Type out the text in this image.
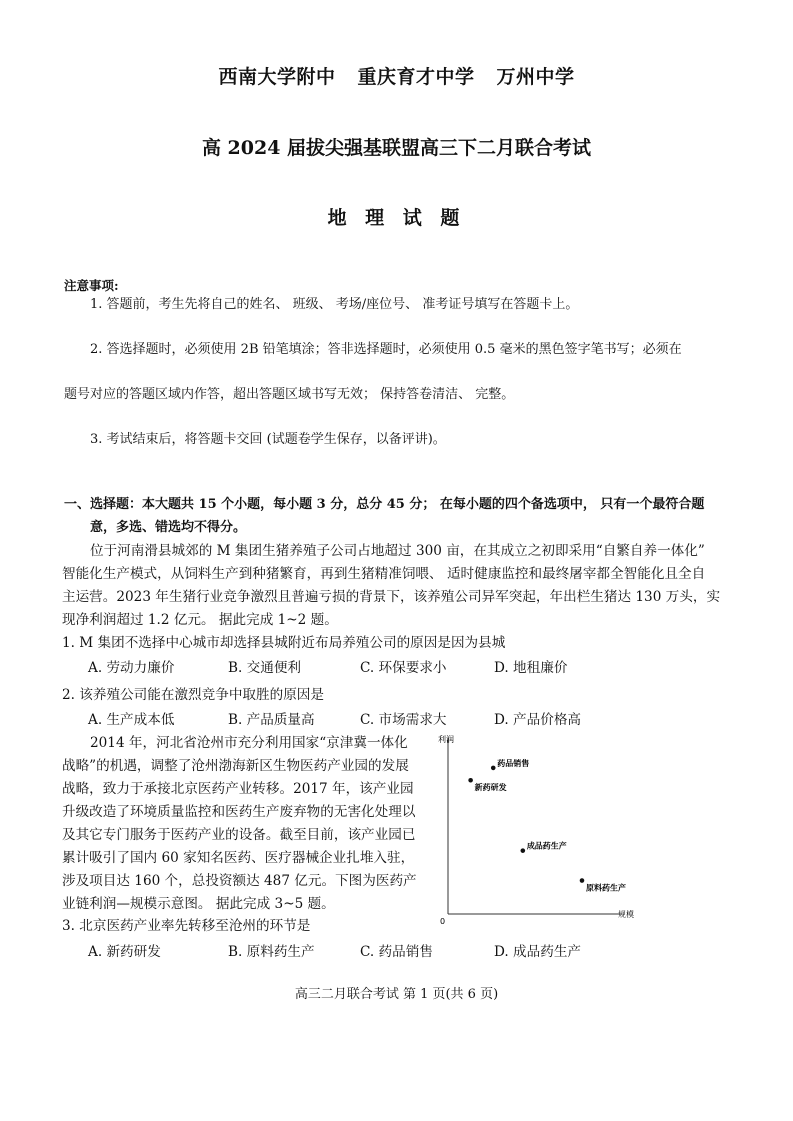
西南大学附中 重庆育才中学 万州中学
高 2024 届拔尖强基联盟高三下二月联合考试
地 理 试 题
注意事项:
1. 答题前，考生先将自己的姓名、 班级、 考场/座位号、 准考证号填写在答题卡上。
2. 答选择题时，必须使用 2B 铅笔填涂；答非选择题时，必须使用 0.5 毫米的黑色签字笔书写；必须在
题号对应的答题区域内作答，超出答题区域书写无效； 保持答卷清洁、 完整。
3. 考试结束后，将答题卡交回 (试题卷学生保存，以备评讲)。
一、选择题：本大题共 15 个小题，每小题 3 分，总分 45 分； 在每小题的四个备选项中， 只有一个最符合题
意，多选、错选均不得分。
位于河南滑县城郊的 M 集团生猪养殖子公司占地超过 300 亩，在其成立之初即采用“自繁自养一体化”
智能化生产模式，从饲料生产到种猪繁育，再到生猪精准饲喂、 适时健康监控和最终屠宰都全智能化且全自
主运营。2023 年生猪行业竞争激烈且普遍亏损的背景下，该养殖公司异军突起，年出栏生猪达 130 万头，实
现净利润超过 1.2 亿元。 据此完成 1~2 题。
1. M 集团不选择中心城市却选择县城附近布局养殖公司的原因是因为县城
A. 劳动力廉价	B. 交通便利	C. 环保要求小	D. 地租廉价
2. 该养殖公司能在激烈竞争中取胜的原因是
A. 生产成本低	B. 产品质量高	C. 市场需求大	D. 产品价格高
2014 年，河北省沧州市充分利用国家“京津冀一体化
战略”的机遇，调整了沧州渤海新区生物医药产业园的发展
战略，致力于承接北京医药产业转移。2017 年，该产业园
升级改造了环境质量监控和医药生产废弃物的无害化处理以
及其它专门服务于医药产业的设备。截至目前，该产业园已
累计吸引了国内 60 家知名医药、医疗器械企业扎堆入驻，
涉及项目达 160 个，总投资额达 487 亿元。下图为医药产
业链利润—规模示意图。 据此完成 3~5 题。
利润
0
规模
药品销售
新药研发
成品药生产
原料药生产
3. 北京医药产业率先转移至沧州的环节是
A. 新药研发	B. 原料药生产	C. 药品销售	D. 成品药生产
高三二月联合考试 第 1 页(共 6 页)
